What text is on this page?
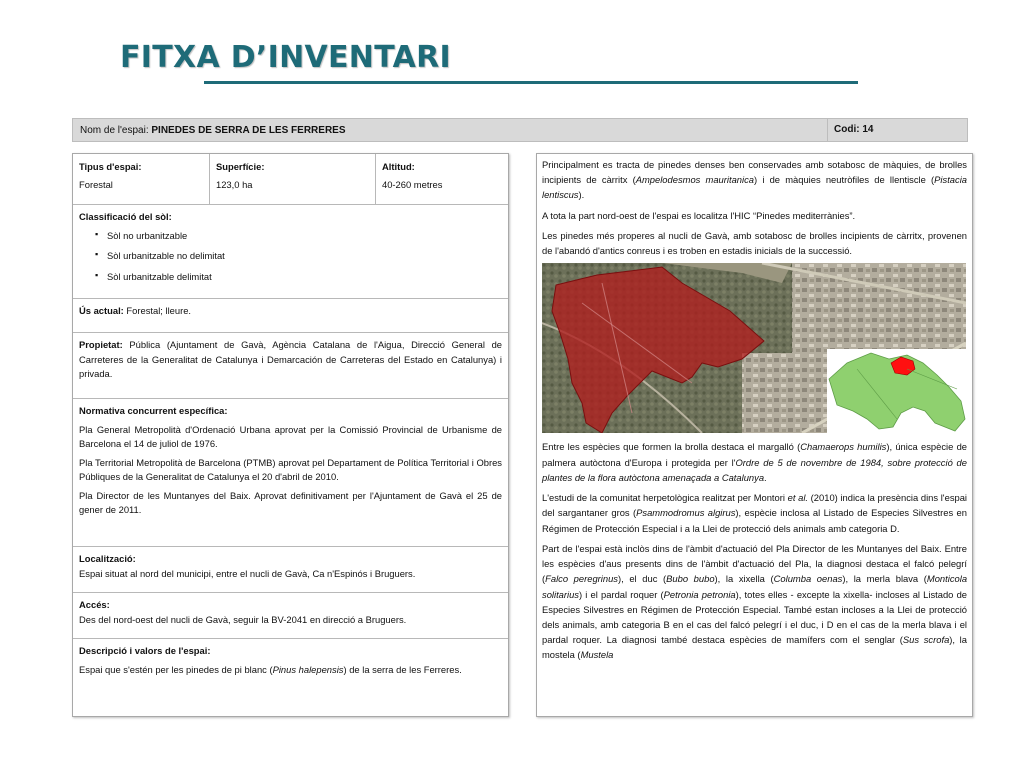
FITXA D’INVENTARI
Nom de l'espai: PINEDES DE SERRA DE LES FERRERES	Codi: 14
Tipus d'espai:
Forestal
Superfície:
123,0 ha
Altitud:
40-260 metres
Classificació del sòl:
▪ Sòl no urbanitzable
▪ Sòl urbanitzable no delimitat
▪ Sòl urbanitzable delimitat
Ús actual: Forestal; lleure.
Propietat: Pública (Ajuntament de Gavà, Agència Catalana de l'Aigua, Direcció General de Carreteres de la Generalitat de Catalunya i Demarcación de Carreteras del Estado en Catalunya) i privada.
Normativa concurrent específica:
Pla General Metropolità d'Ordenació Urbana aprovat per la Comissió Provincial de Urbanisme de Barcelona el 14 de juliol de 1976.
Pla Territorial Metropolità de Barcelona (PTMB) aprovat pel Departament de Política Territorial i Obres Públiques de la Generalitat de Catalunya el 20 d'abril de 2010.
Pla Director de les Muntanyes del Baix. Aprovat definitivament per l'Ajuntament de Gavà el 25 de gener de 2011.
Localització:
Espai situat al nord del municipi, entre el nucli de Gavà, Ca n'Espinós i Bruguers.
Accés:
Des del nord-oest del nucli de Gavà, seguir la BV-2041 en direcció a Bruguers.
Descripció i valors de l'espai:
Espai que s'estén per les pinedes de pi blanc (Pinus halepensis) de la serra de les Ferreres.

Principalment es tracta de pinedes denses ben conservades amb sotabosc de màquies, de brolles incipients de càrritx (Ampelodesmos mauritanica) i de màquies neutròfiles de llentiscle (Pistacia lentiscus).

A tota la part nord-oest de l'espai es localitza l'HIC “Pinedes mediterrànies”.

Les pinedes més properes al nucli de Gavà, amb sotabosc de brolles incipients de càrritx, provenen de l'abandó d'antics conreus i es troben en estadis inicials de la successió.

Entre les espècies que formen la brolla destaca el margalló (Chamaerops humilis), única espècie de palmera autòctona d'Europa i protegida per l'Ordre de 5 de novembre de 1984, sobre protecció de plantes de la flora autòctona amenaçada a Catalunya.

L'estudi de la comunitat herpetològica realitzat per Montori et al. (2010) indica la presència dins l'espai del sargantaner gros (Psammodromus algirus), espècie inclosa al Listado de Especies Silvestres en Régimen de Protección Especial i a la Llei de protecció dels animals amb categoria D.

Part de l'espai està inclòs dins de l'àmbit d'actuació del Pla Director de les Muntanyes del Baix. Entre les espècies d'aus presents dins de l'àmbit d'actuació del Pla, la diagnosi destaca el falcó pelegrí (Falco peregrinus), el duc (Bubo bubo), la xixella (Columba oenas), la merla blava (Monticola solitarius) i el pardal roquer (Petronia petronia), totes elles - excepte la xixella- incloses al Listado de Especies Silvestres en Régimen de Protección Especial. També estan incloses a la Llei de protecció dels animals, amb categoria B en el cas del falcó pelegrí i el duc, i D en el cas de la merla blava i el pardal roquer. La diagnosi també destaca espècies de mamífers com el senglar (Sus scrofa), la mostela (Mustela
